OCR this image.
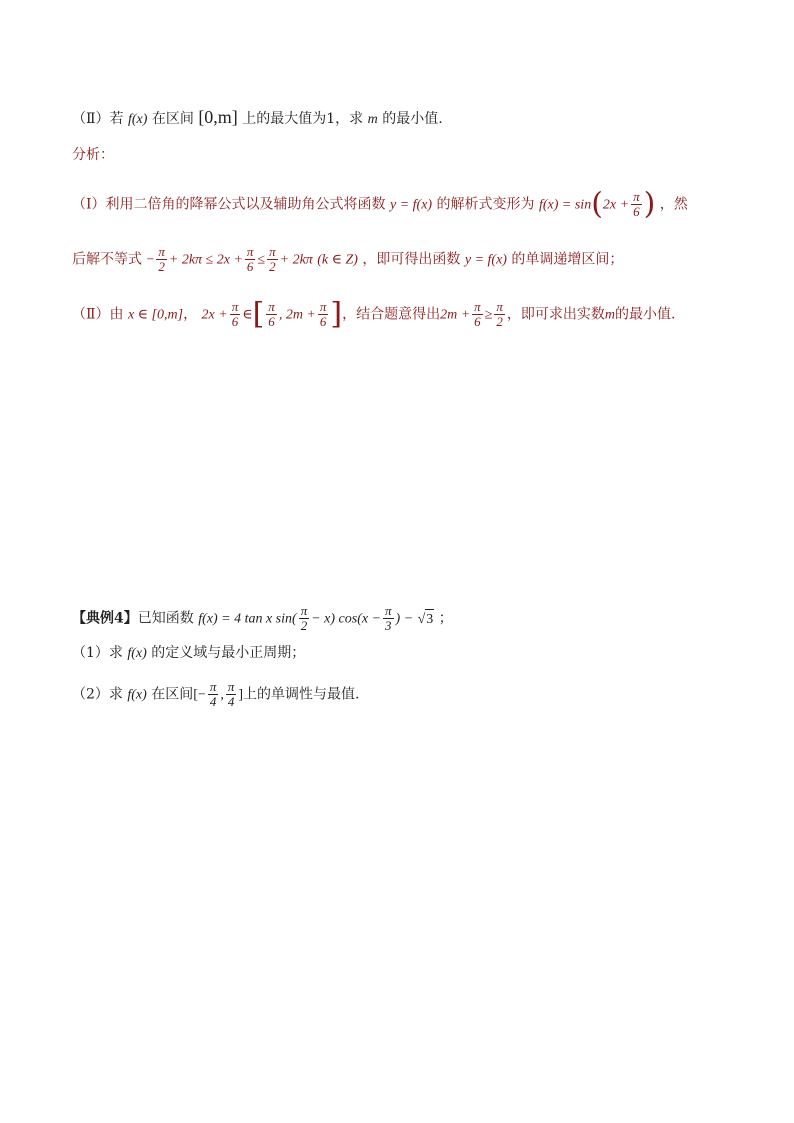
（Ⅱ）若 f(x) 在区间 [0,m] 上的最大值为1，求 m 的最小值.
分析：
（Ⅰ）利用二倍角的降幂公式以及辅助角公式将函数 y = f(x) 的解析式变形为 $f(x) = \sin(2x + \frac{\pi}{6}$ ) ，然
后解不等式 − $\frac{\pi}{2} + 2k\pi \le 2x + \frac{\pi}{6} \le \frac{\pi}{2} + 2k\pi$ (k ∈ Z) ，即可得出函数 y = f(x) 的单调递增区间；
（Ⅱ）由 x ∈ [0,m]， $2x + \frac{\pi}{6}$ ∈[ $\frac{\pi}{6}$ , $2m + \frac{\pi}{6}$ ]，结合题意得出$2m + \frac{\pi}{6} \ge \frac{\pi}{2}$ ，即可求出实数m的最小值.
【典例4】已知函数 f(x) = 4 tan x $\sin( \frac{\pi}{2} - x)$ $\cos(x - \frac{\pi}{3}$ ) − √3 ；
（1）求 f(x) 的定义域与最小正周期；
（2）求 f(x) 在区间[− $\frac{\pi}{4}$ , $\frac{\pi}{4}$ ]上的单调性与最值.
